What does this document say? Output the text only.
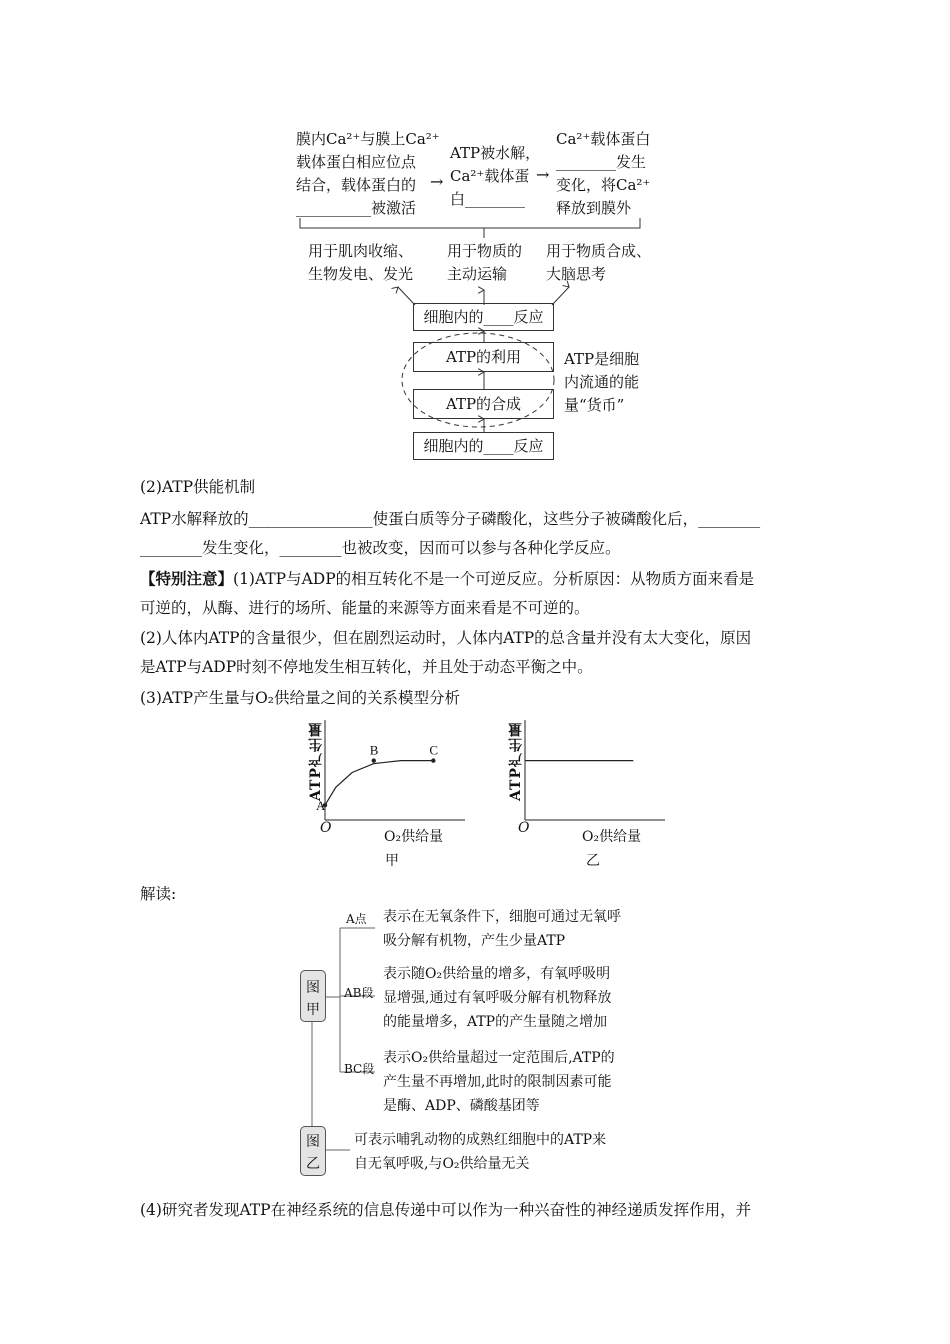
膜内Ca²⁺与膜上Ca²⁺
载体蛋白相应位点
结合，载体蛋白的
__________被激活
→
ATP被水解，
Ca²⁺载体蛋
白________
→
Ca²⁺载体蛋白
________发生
变化，将Ca²⁺
释放到膜外
用于肌肉收缩、
生物发电、发光
用于物质的
主动运输
用于物质合成、
大脑思考
细胞内的____反应
ATP的利用
ATP的合成
细胞内的____反应
ATP是细胞
内流通的能
量“货币”
(2)ATP供能机制
ATP水解释放的________________使蛋白质等分子磷酸化，这些分子被磷酸化后，________
________发生变化，________也被改变，因而可以参与各种化学反应。
【特别注意】(1)ATP与ADP的相互转化不是一个可逆反应。分析原因：从物质方面来看是
可逆的，从酶、进行的场所、能量的来源等方面来看是不可逆的。
(2)人体内ATP的含量很少，但在剧烈运动时，人体内ATP的总含量并没有太大变化，原因
是ATP与ADP时刻不停地发生相互转化，并且处于动态平衡之中。
(3)ATP产生量与O₂供给量之间的关系模型分析
A
B	C
ATP产生量
O
O₂供给量
甲
ATP产生量
O
O₂供给量
乙
解读:
图
甲
图
乙
A点 表示在无氧条件下，细胞可通过无氧呼
吸分解有机物，产生少量ATP
AB段
表示随O₂供给量的增多，有氧呼吸明
显增强,通过有氧呼吸分解有机物释放
的能量增多，ATP的产生量随之增加
BC段
表示O₂供给量超过一定范围后,ATP的
产生量不再增加,此时的限制因素可能
是酶、ADP、磷酸基团等
可表示哺乳动物的成熟红细胞中的ATP来
自无氧呼吸,与O₂供给量无关
(4)研究者发现ATP在神经系统的信息传递中可以作为一种兴奋性的神经递质发挥作用，并
